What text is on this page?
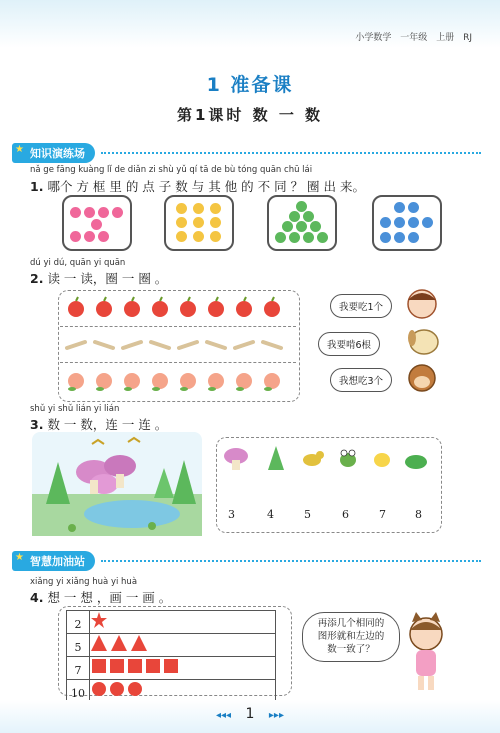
小学数学 一年级 上册 RJ
1 准备课
第1课时 数 一 数
★ 知识演练场
nǎ ge fāng kuàng lǐ de diǎn zi shù yǔ qí tā de bù tóng quān chū lái
1. 哪个 方 框 里 的 点 子 数 与 其 他 的 不 同 ？ 圈 出 来。
dú yi dú, quān yi quān
2. 读 一 读，圈 一 圈 。
我要吃1个
我要啃6根
我想吃3个
shǔ yi shǔ lián yi lián
3. 数 一 数，连 一 连 。
3	4	5	6	7	8
★ 智慧加油站
xiǎng yi xiǎng huà yi huà
4. 想 一 想 ，画 一 画 。
2	
5	
7	
10	
再添几个相同的
图形就和左边的
数一致了？
◂◂◂ 1 ▸▸▸
